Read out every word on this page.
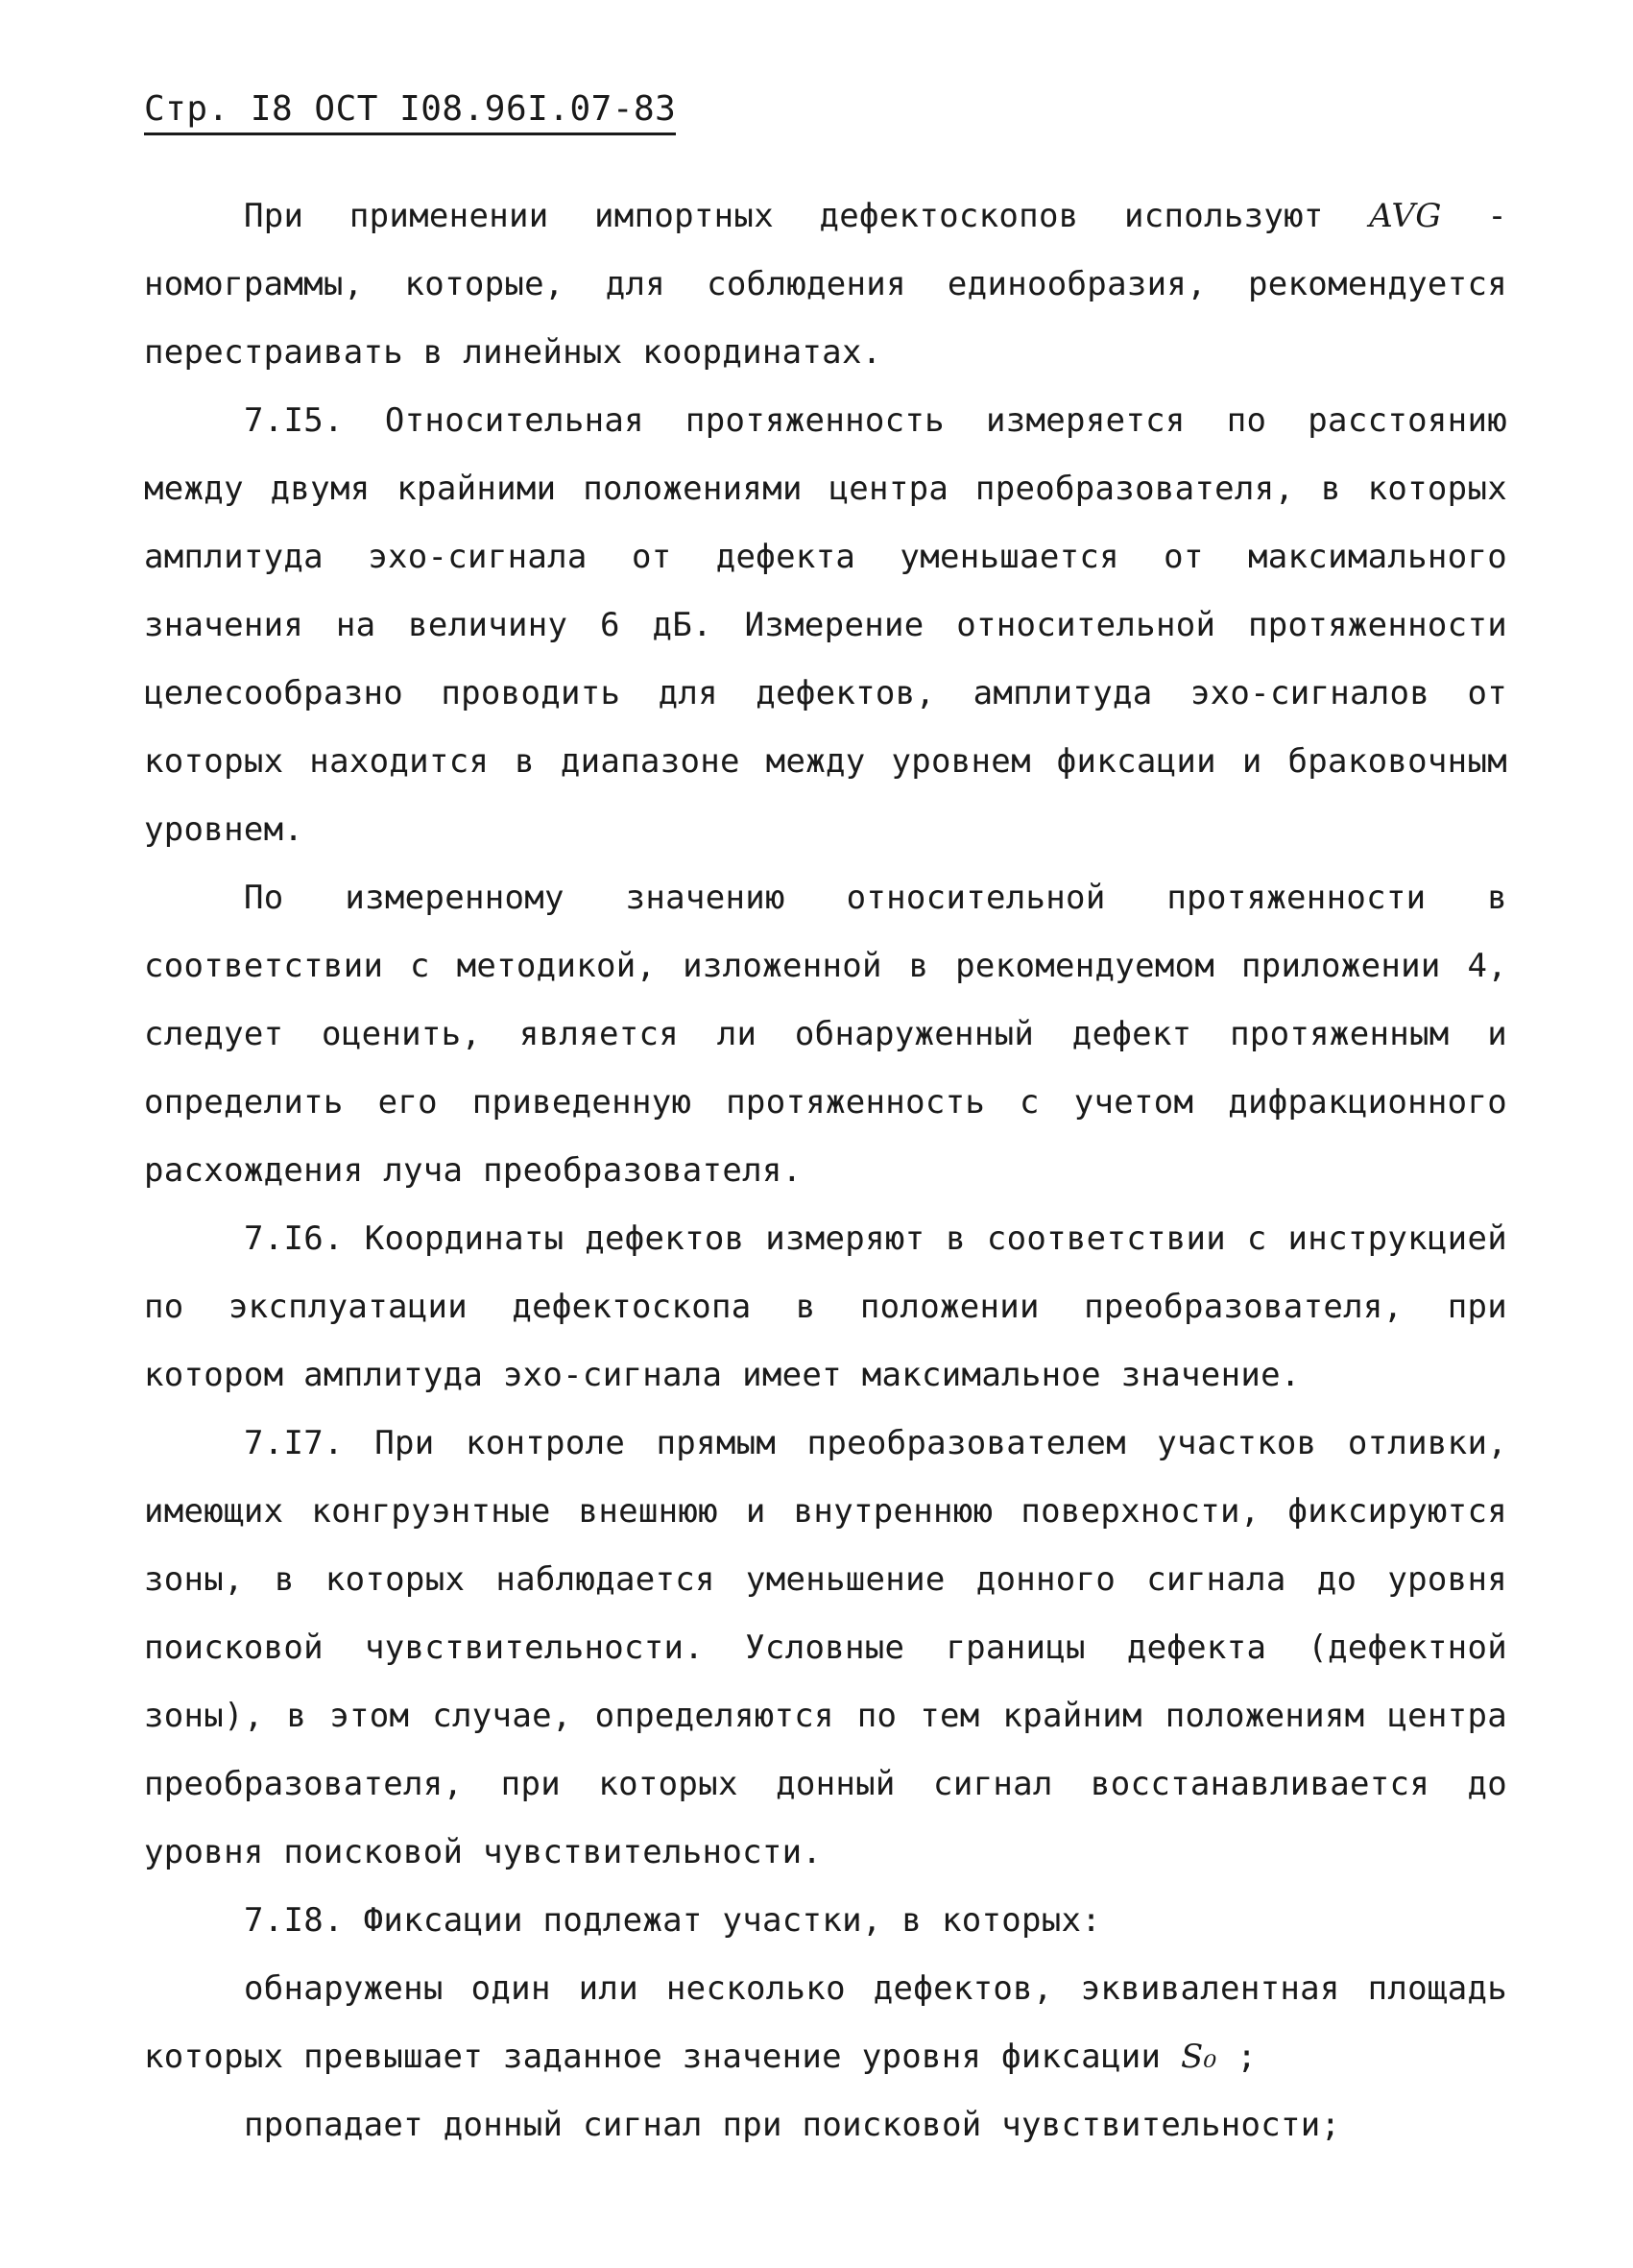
Стр. I8 ОСТ I08.96I.07-83

При применении импортных дефектоскопов используют AVG - номограммы, которые, для соблюдения единообразия, рекомендуется перестраивать в линейных координатах.

7.I5. Относительная протяженность измеряется по расстоянию между двумя крайними положениями центра преобразователя, в которых амплитуда эхо-сигнала от дефекта уменьшается от максимального значения на величину 6 дБ. Измерение относительной протяженности целесообразно проводить для дефектов, амплитуда эхо-сигналов от которых находится в диапазоне между уровнем фиксации и браковочным уровнем.

По измеренному значению относительной протяженности в соответствии с методикой, изложенной в рекомендуемом приложении 4, следует оценить, является ли обнаруженный дефект протяженным и определить его приведенную протяженность с учетом дифракционного расхождения луча преобразователя.

7.I6. Координаты дефектов измеряют в соответствии с инструкцией по эксплуатации дефектоскопа в положении преобразователя, при котором амплитуда эхо-сигнала имеет максимальное значение.

7.I7. При контроле прямым преобразователем участков отливки, имеющих конгруэнтные внешнюю и внутреннюю поверхности, фиксируются зоны, в которых наблюдается уменьшение донного сигнала до уровня поисковой чувствительности. Условные границы дефекта (дефектной зоны), в этом случае, определяются по тем крайним положениям центра преобразователя, при которых донный сигнал восстанавливается до уровня поисковой чувствительности.

7.I8. Фиксации подлежат участки, в которых:

обнаружены один или несколько дефектов, эквивалентная площадь которых превышает заданное значение уровня фиксации S₀ ;

пропадает донный сигнал при поисковой чувствительности;
